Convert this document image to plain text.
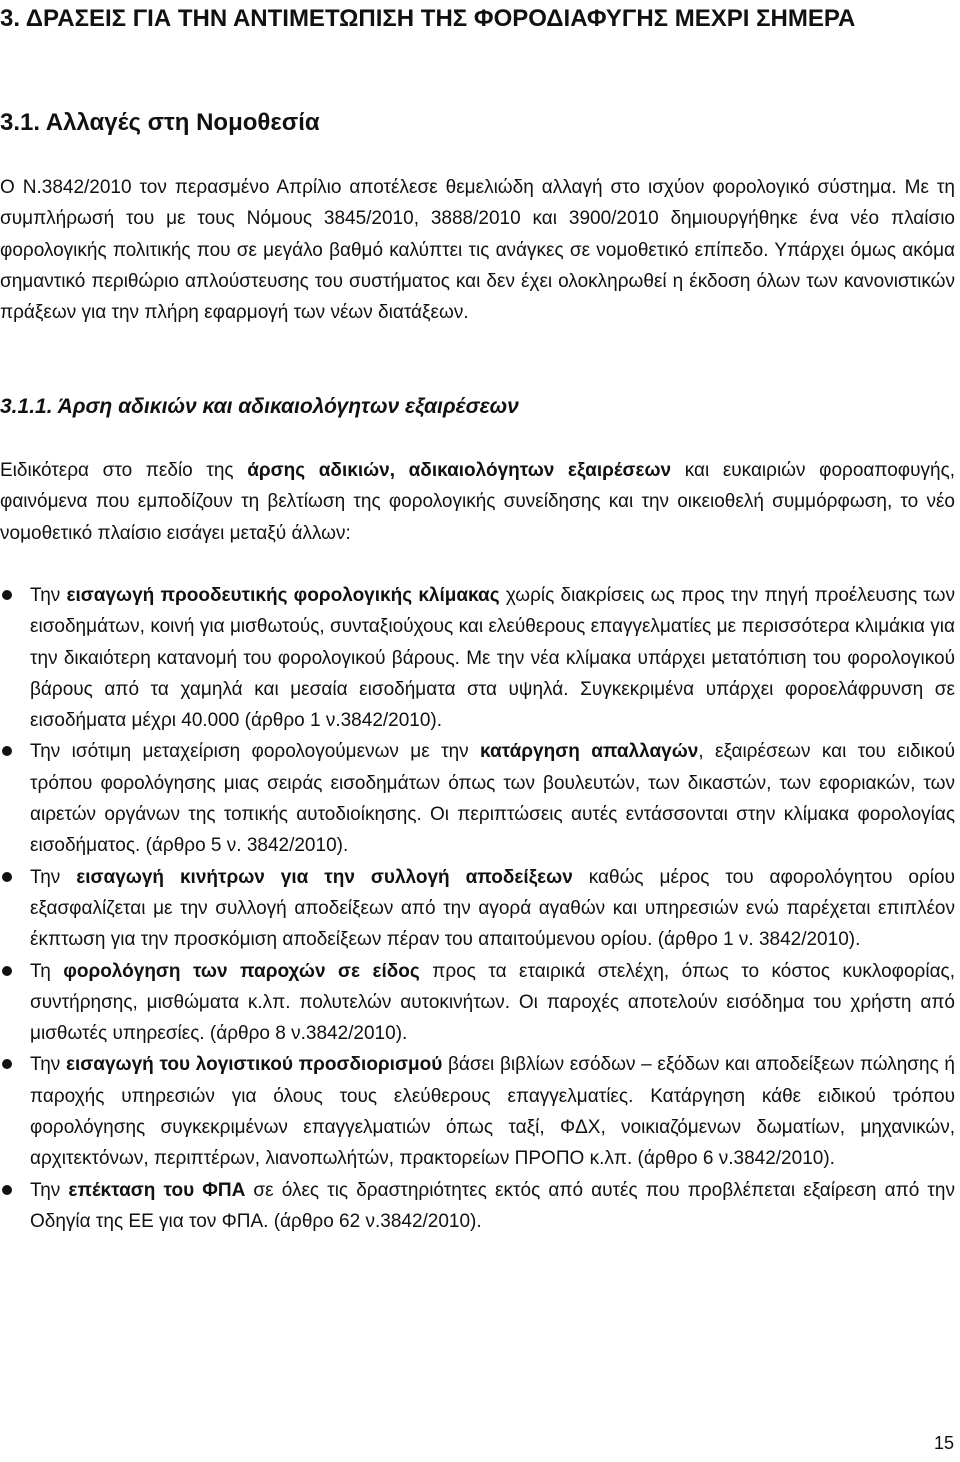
3. ΔΡΑΣΕΙΣ ΓΙΑ ΤΗΝ ΑΝΤΙΜΕΤΩΠΙΣΗ ΤΗΣ ΦΟΡΟΔΙΑΦΥΓΗΣ ΜΕΧΡΙ ΣΗΜΕΡΑ
3.1. Αλλαγές στη Νομοθεσία

Ο Ν.3842/2010 τον περασμένο Απρίλιο αποτέλεσε θεμελιώδη αλλαγή στο ισχύον φορολογικό σύστημα. Με τη συμπλήρωσή του με τους Νόμους 3845/2010, 3888/2010 και 3900/2010 δημιουργήθηκε ένα νέο πλαίσιο φορολογικής πολιτικής που σε μεγάλο βαθμό καλύπτει τις ανάγκες σε νομοθετικό επίπεδο. Υπάρχει όμως ακόμα σημαντικό περιθώριο απλούστευσης του συστήματος και δεν έχει ολοκληρωθεί η έκδοση όλων των κανονιστικών πράξεων για την πλήρη εφαρμογή των νέων διατάξεων.

3.1.1. Άρση αδικιών και αδικαιολόγητων εξαιρέσεων

Ειδικότερα στο πεδίο της άρσης αδικιών, αδικαιολόγητων εξαιρέσεων και ευκαιριών φοροαποφυγής, φαινόμενα που εμποδίζουν τη βελτίωση της φορολογικής συνείδησης και την οικειοθελή συμμόρφωση, το νέο νομοθετικό πλαίσιο εισάγει μεταξύ άλλων:

Την εισαγωγή προοδευτικής φορολογικής κλίμακας χωρίς διακρίσεις ως προς την πηγή προέλευσης των εισοδημάτων, κοινή για μισθωτούς, συνταξιούχους και ελεύθερους επαγγελματίες με περισσότερα κλιμάκια για την δικαιότερη κατανομή του φορολογικού βάρους. Με την νέα κλίμακα υπάρχει μετατόπιση του φορολογικού βάρους από τα χαμηλά και μεσαία εισοδήματα στα υψηλά. Συγκεκριμένα υπάρχει φοροελάφρυνση σε εισοδήματα μέχρι 40.000 (άρθρο 1 ν.3842/2010).
Την ισότιμη μεταχείριση φορολογούμενων με την κατάργηση απαλλαγών, εξαιρέσεων και του ειδικού τρόπου φορολόγησης μιας σειράς εισοδημάτων όπως των βουλευτών, των δικαστών, των εφοριακών, των αιρετών οργάνων της τοπικής αυτοδιοίκησης. Οι περιπτώσεις αυτές εντάσσονται στην κλίμακα φορολογίας εισοδήματος. (άρθρο 5 ν. 3842/2010).
Την εισαγωγή κινήτρων για την συλλογή αποδείξεων καθώς μέρος του αφορολόγητου ορίου εξασφαλίζεται με την συλλογή αποδείξεων από την αγορά αγαθών και υπηρεσιών ενώ παρέχεται επιπλέον έκπτωση για την προσκόμιση αποδείξεων πέραν του απαιτούμενου ορίου. (άρθρο 1 ν. 3842/2010).
Τη φορολόγηση των παροχών σε είδος προς τα εταιρικά στελέχη, όπως το κόστος κυκλοφορίας, συντήρησης, μισθώματα κ.λπ. πολυτελών αυτοκινήτων. Οι παροχές αποτελούν εισόδημα του χρήστη από μισθωτές υπηρεσίες. (άρθρο 8 ν.3842/2010).
Την εισαγωγή του λογιστικού προσδιορισμού βάσει βιβλίων εσόδων – εξόδων και αποδείξεων πώλησης ή παροχής υπηρεσιών για όλους τους ελεύθερους επαγγελματίες. Κατάργηση κάθε ειδικού τρόπου φορολόγησης συγκεκριμένων επαγγελματιών όπως ταξί, ΦΔΧ, νοικιαζόμενων δωματίων, μηχανικών, αρχιτεκτόνων, περιπτέρων, λιανοπωλήτών, πρακτορείων ΠΡΟΠΟ κ.λπ. (άρθρο 6 ν.3842/2010).
Την επέκταση του ΦΠΑ σε όλες τις δραστηριότητες εκτός από αυτές που προβλέπεται εξαίρεση από την Οδηγία της ΕΕ για τον ΦΠΑ. (άρθρο 62 ν.3842/2010).
15
